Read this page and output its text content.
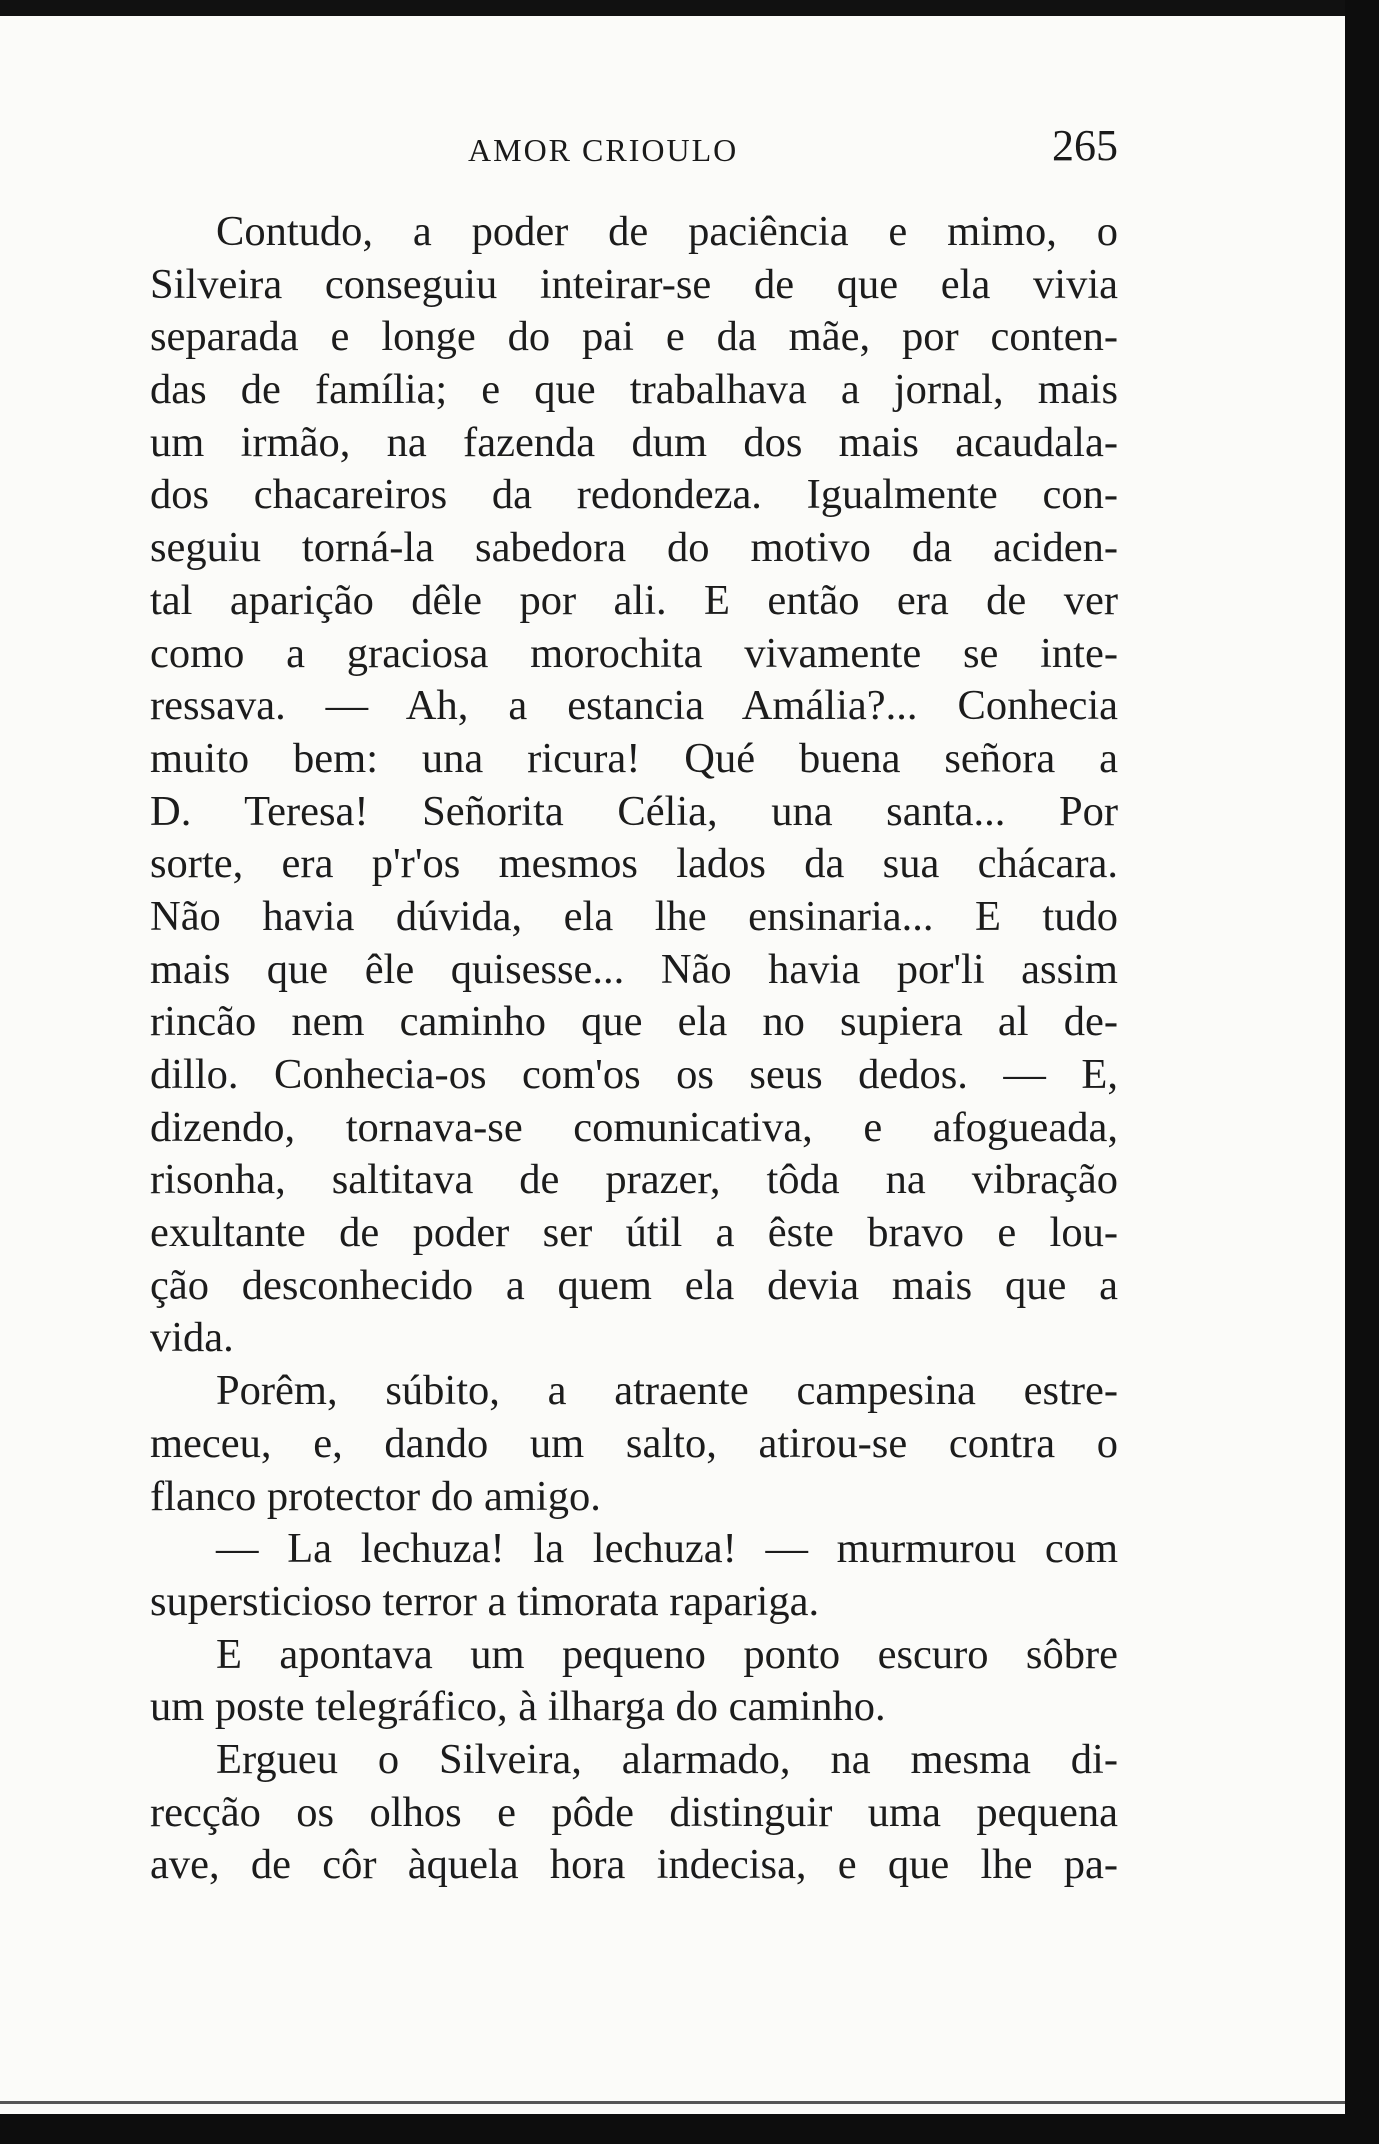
AMOR CRIOULO	265
Contudo, a poder de paciência e mimo, o
Silveira conseguiu inteirar-se de que ela vivia
separada e longe do pai e da mãe, por conten-
das de família; e que trabalhava a jornal, mais
um irmão, na fazenda dum dos mais acaudala-
dos chacareiros da redondeza. Igualmente con-
seguiu torná-la sabedora do motivo da aciden-
tal aparição dêle por ali. E então era de ver
como a graciosa morochita vivamente se inte-
ressava. — Ah, a estancia Amália?... Conhecia
muito bem: una ricura! Qué buena señora a
D. Teresa! Señorita Célia, una santa... Por
sorte, era p'r'os mesmos lados da sua chácara.
Não havia dúvida, ela lhe ensinaria... E tudo
mais que êle quisesse... Não havia por'li assim
rincão nem caminho que ela no supiera al de-
dillo. Conhecia-os com'os os seus dedos. — E,
dizendo, tornava-se comunicativa, e afogueada,
risonha, saltitava de prazer, tôda na vibração
exultante de poder ser útil a êste bravo e lou-
ção desconhecido a quem ela devia mais que a
vida.
Porêm, súbito, a atraente campesina estre-
meceu, e, dando um salto, atirou-se contra o
flanco protector do amigo.
— La lechuza! la lechuza! — murmurou com
supersticioso terror a timorata rapariga.
E apontava um pequeno ponto escuro sôbre
um poste telegráfico, à ilharga do caminho.
Ergueu o Silveira, alarmado, na mesma di-
recção os olhos e pôde distinguir uma pequena
ave, de côr àquela hora indecisa, e que lhe pa-
